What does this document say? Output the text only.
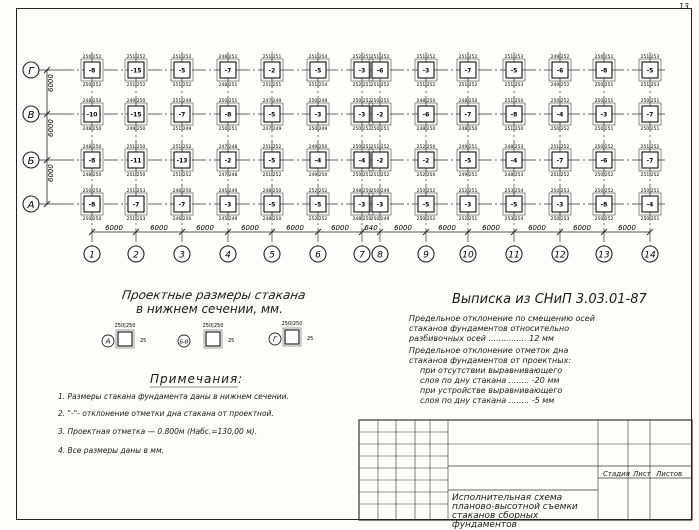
13
Г
В
Б
А
6000
6000
6000
1	2	3	4	5	6	7 8	9	10	11	12	13	14
6000	6000	6000	6000	6000	6000 640 6000	6000	6000	6000	6000	6000
250|252
250|252
-8
251|252
251|252
-15
251|252
251|252
-5
248|251
248|251
-7
251|251
251|251
-2
251|254
251|254
-5
252|251
252|251
-3
251|252
251|252
-6
251|252
251|252
-3
251|252
251|252
-7
251|253
251|253
-5
249|252
249|252
-6
250|251
250|251
-8
251|253
251|253
-5
248|250
248|250
-10
249|250
249|250
-15
251|249
251|249
-7
250|251
250|251
-8
247|249
247|249
-5
250|249
250|249
-3
250|252
250|252
-3
250|251
250|251
-2
248|250
248|250
-6
248|250
248|250
-7
251|250
251|250
-8
250|252
250|252
-4
250|251
250|251
-3
250|251
250|251
-7
248|250
248|250
-8
251|250
251|250
-11
251|252
251|252
-13
247|248
247|248
-2
251|252
251|252
-5
249|250
249|250
-4
250|251
250|251
-4
251|252
251|252
-2
252|250
252|250
-2
249|251
249|251
-5
248|253
248|253
-4
251|252
251|252
-7
250|252
250|252
-6
251|252
251|252
-7
250|250
250|250
-8
251|253
251|253
-7
246|250
246|250
-7
245|249
245|249
-3
248|250
248|250
-5
252|252
252|252
-5
248|250
248|250
-3
250|249
250|249
-3
250|252
250|252
-5
252|251
252|251
-3
253|254
253|254
-5
250|253
250|253
-3
250|252
250|252
-8
250|251
250|251
-4
250|250
25
А
250|250
25
Б-В
250|250
25
Г
Проектные размеры стакана
в нижнем сечении, мм.
Выписка из СНиП 3.03.01-87
Предельное отклонение по смещению осей
стаканов фундаментов относительно
разбивочных осей ............... 12 мм
Предельное отклонение отметок дна
стаканов фундаментов от проектных:
при отсутствии выравнивающего
слоя по дну стакана ........ -20 мм
при устройстве выравнивающего
слоя по дну стакана ........ -5 мм
Примечания:
1. Размеры стакана фундамента даны в нижнем сечении.
2. "-"- отклонение отметки дна стакана от проектной.
3. Проектная отметка — 0.800м (Набс.=130,00 м).
4. Все размеры даны в мм.
Стадия Лист Листов
Исполнительная схема
планово-высотной съемки
стаканов сборных
фундаментов
